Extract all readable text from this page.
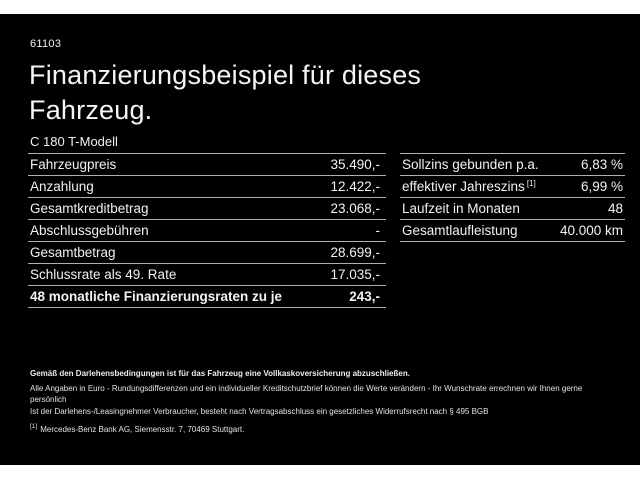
61103
Finanzierungsbeispiel für dieses
Fahrzeug.
C 180 T-Modell
Fahrzeugpreis	35.490,-
Anzahlung	12.422,-
Gesamtkreditbetrag	23.068,-
Abschlussgebühren	-
Gesamtbetrag	28.699,-
Schlussrate als 49. Rate	17.035,-
48 monatliche Finanzierungsraten zu je	243,-
Sollzins gebunden p.a.	6,83 %
effektiver Jahreszins [1]	6,99 %
Laufzeit in Monaten	48
Gesamtlaufleistung	40.000 km
Gemäß den Darlehensbedingungen ist für das Fahrzeug eine Vollkaskoversicherung abzuschließen.
Alle Angaben in Euro - Rundungsdifferenzen und ein individueller Kreditschutzbrief können die Werte verändern - Ihr Wunschrate errechnen wir Ihnen gerne persönlich
Ist der Darlehens-/Leasingnehmer Verbraucher, besteht nach Vertragsabschluss ein gesetzliches Widerrufsrecht nach § 495 BGB
[1] Mercedes-Benz Bank AG, Siemensstr. 7, 70469 Stuttgart.
